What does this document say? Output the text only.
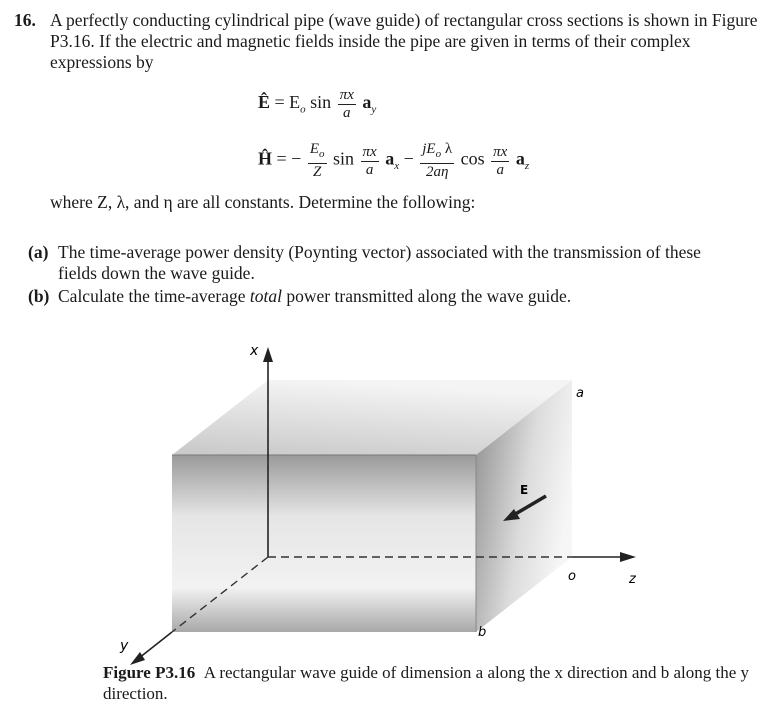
16. A perfectly conducting cylindrical pipe (wave guide) of rectangular cross sections is shown in Figure P3.16. If the electric and magnetic fields inside the pipe are given in terms of their complex expressions by
Ê = $E_o$ $\sin \frac{\pi x}{a} a_y$
Ĥ = − $\frac{E_o}{Z}$ $\sin \frac{\pi x}{a} a_x - \frac{jE_o \lambda}{2a\eta}$ $\cos \frac{\pi x}{a} a_z$
where Z, λ, and η are all constants. Determine the following:
(a) The time-average power density (Poynting vector) associated with the transmission of these fields down the wave guide.
(b) Calculate the time-average total power transmitted along the wave guide.
x
a
E
o	z
y
b
Figure P3.16 A rectangular wave guide of dimension a along the x direction and b along the y direction.
